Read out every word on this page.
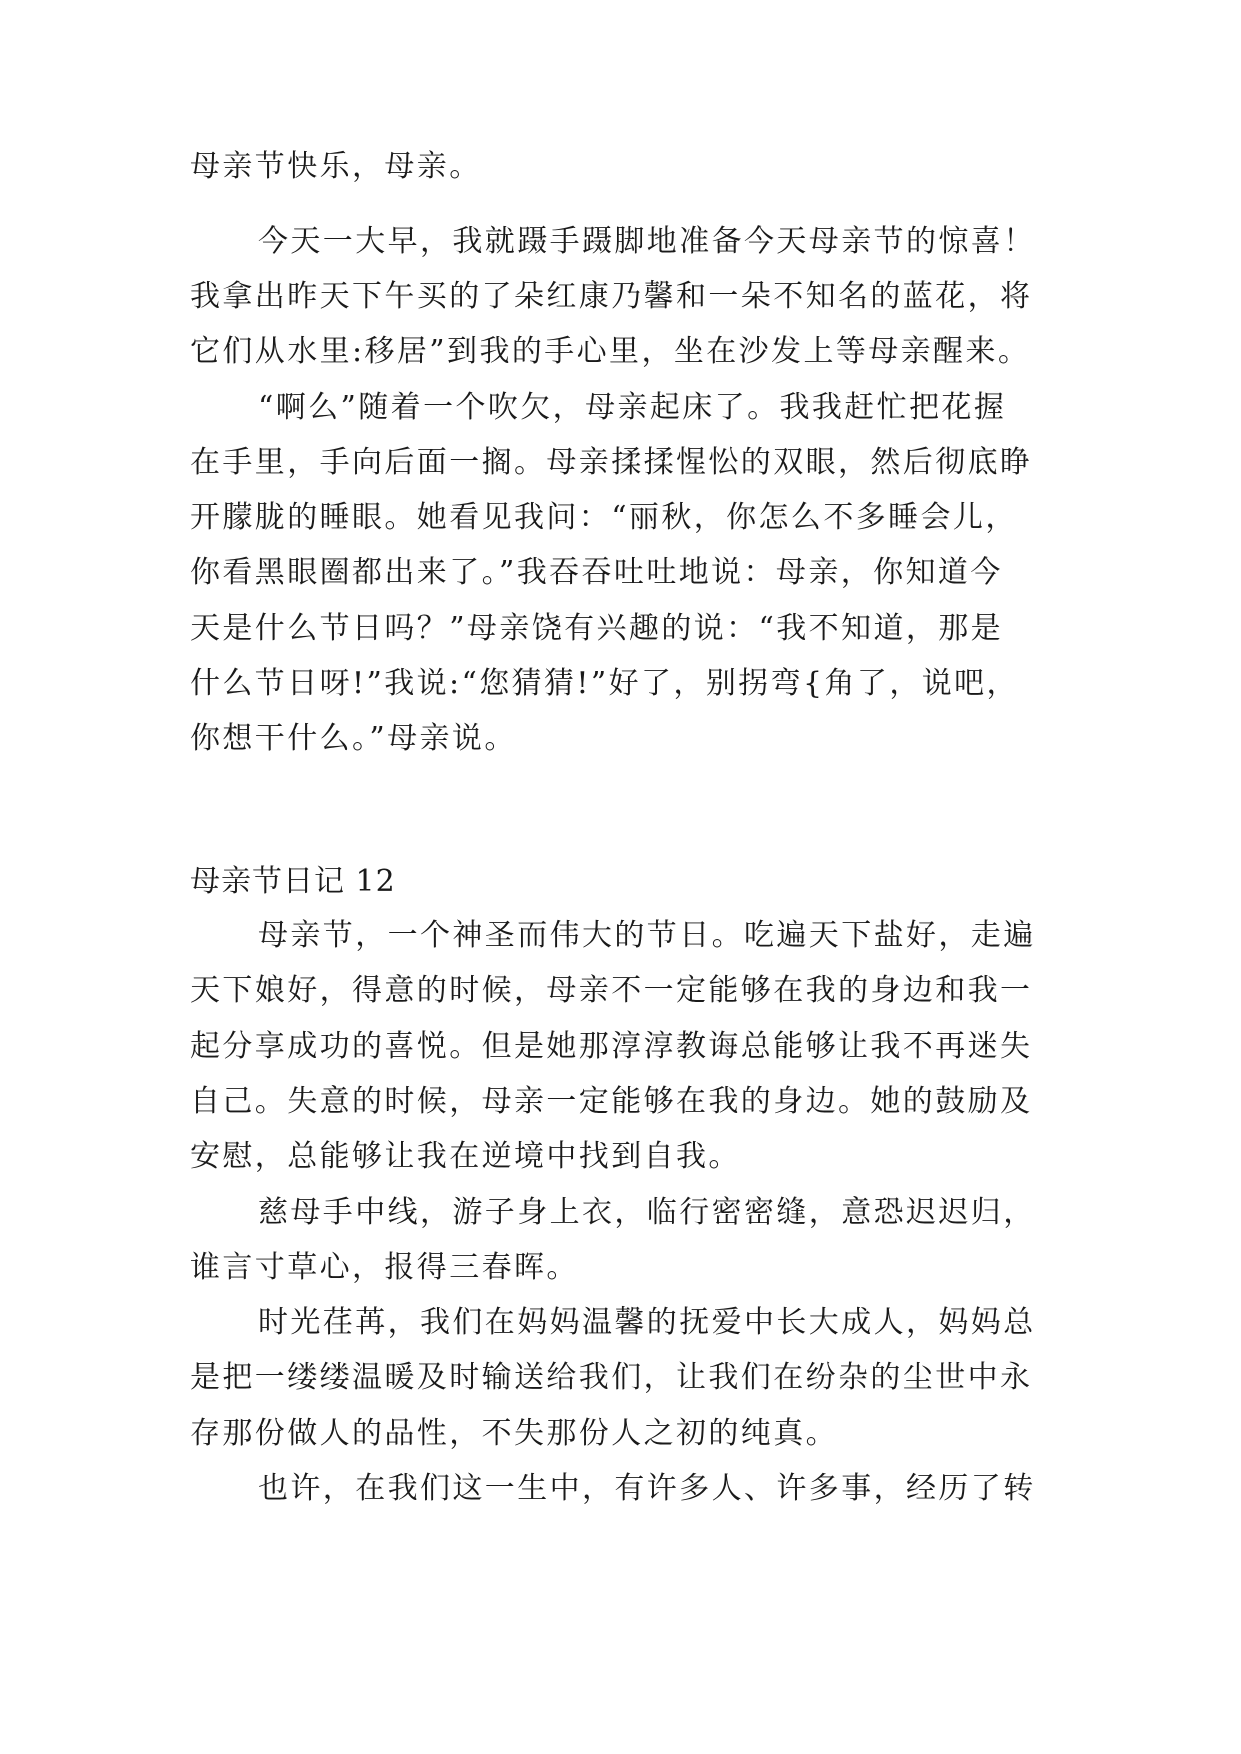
母亲节快乐，母亲。
今天一大早，我就蹑手蹑脚地准备今天母亲节的惊喜！
我拿出昨天下午买的了朵红康乃馨和一朵不知名的蓝花，将
它们从水里:移居”到我的手心里，坐在沙发上等母亲醒来。
“啊么”随着一个吹欠，母亲起床了。我我赶忙把花握
在手里，手向后面一搁。母亲揉揉惺忪的双眼，然后彻底睁
开朦胧的睡眼。她看见我问：“丽秋，你怎么不多睡会儿，
你看黑眼圈都出来了。”我吞吞吐吐地说：母亲，你知道今
天是什么节日吗？”母亲饶有兴趣的说：“我不知道，那是
什么节日呀!”我说:“您猜猜!”好了，别拐弯{角了，说吧，
你想干什么。”母亲说。
母亲节日记 12
母亲节，一个神圣而伟大的节日。吃遍天下盐好，走遍
天下娘好，得意的时候，母亲不一定能够在我的身边和我一
起分享成功的喜悦。但是她那淳淳教诲总能够让我不再迷失
自己。失意的时候，母亲一定能够在我的身边。她的鼓励及
安慰，总能够让我在逆境中找到自我。
慈母手中线，游子身上衣，临行密密缝，意恐迟迟归，
谁言寸草心，报得三春晖。
时光荏苒，我们在妈妈温馨的抚爱中长大成人，妈妈总
是把一缕缕温暖及时输送给我们，让我们在纷杂的尘世中永
存那份做人的品性，不失那份人之初的纯真。
也许，在我们这一生中，有许多人、许多事，经历了转
